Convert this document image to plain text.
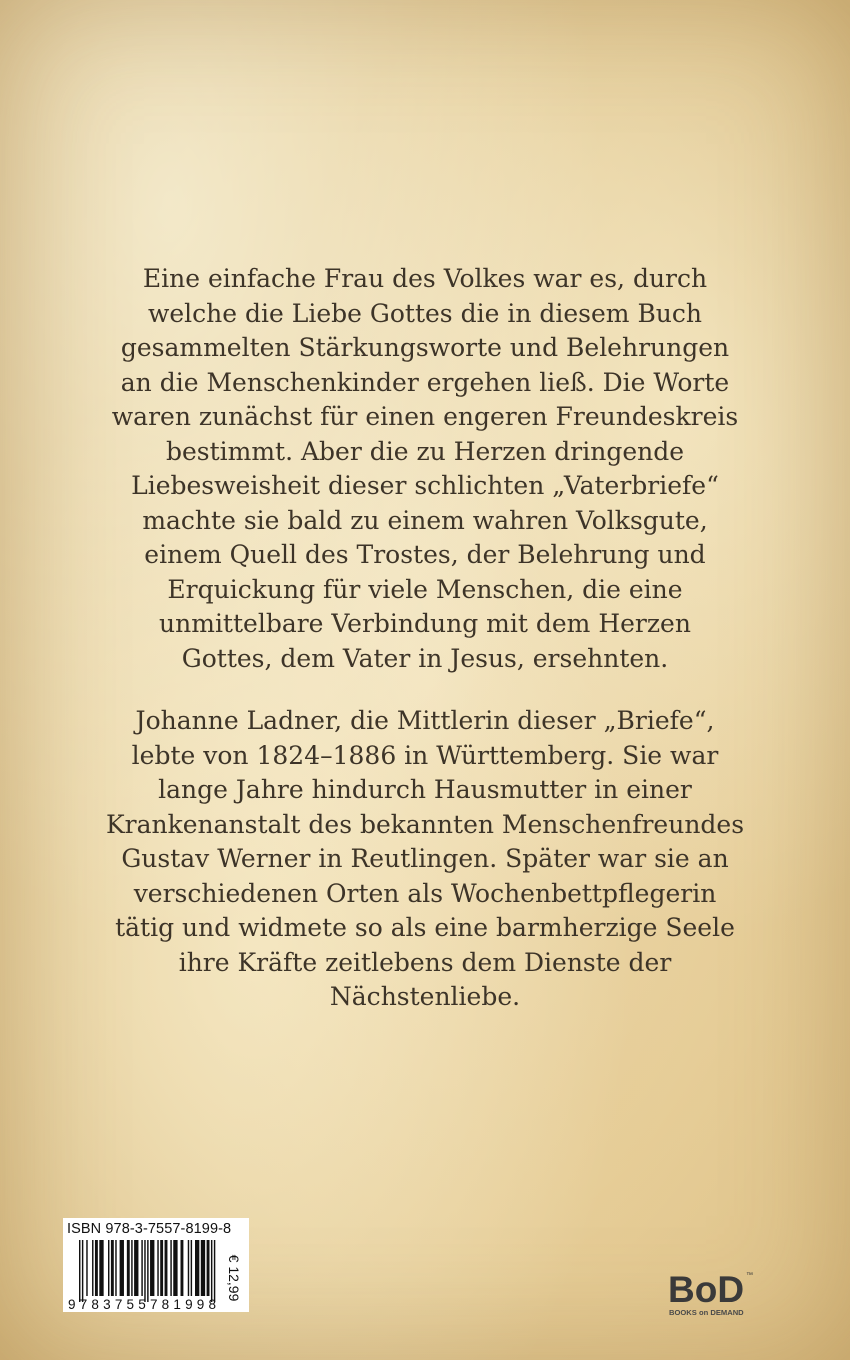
Eine einfache Frau des Volkes war es, durch
welche die Liebe Gottes die in diesem Buch
gesammelten Stärkungsworte und Belehrungen
an die Menschenkinder ergehen ließ. Die Worte
waren zunächst für einen engeren Freundeskreis
bestimmt. Aber die zu Herzen dringende
Liebesweisheit dieser schlichten „Vaterbriefe“
machte sie bald zu einem wahren Volksgute,
einem Quell des Trostes, der Belehrung und
Erquickung für viele Menschen, die eine
unmittelbare Verbindung mit dem Herzen
Gottes, dem Vater in Jesus, ersehnten.

Johanne Ladner, die Mittlerin dieser „Briefe“,
lebte von 1824–1886 in Württemberg. Sie war
lange Jahre hindurch Hausmutter in einer
Krankenanstalt des bekannten Menschenfreundes
Gustav Werner in Reutlingen. Später war sie an
verschiedenen Orten als Wochenbettpflegerin
tätig und widmete so als eine barmherzige Seele
ihre Kräfte zeitlebens dem Dienste der
Nächstenliebe.

ISBN 978-3-7557-8199-8
9783755781998
€ 12,99	BoD ™
BOOKS on DEMAND
